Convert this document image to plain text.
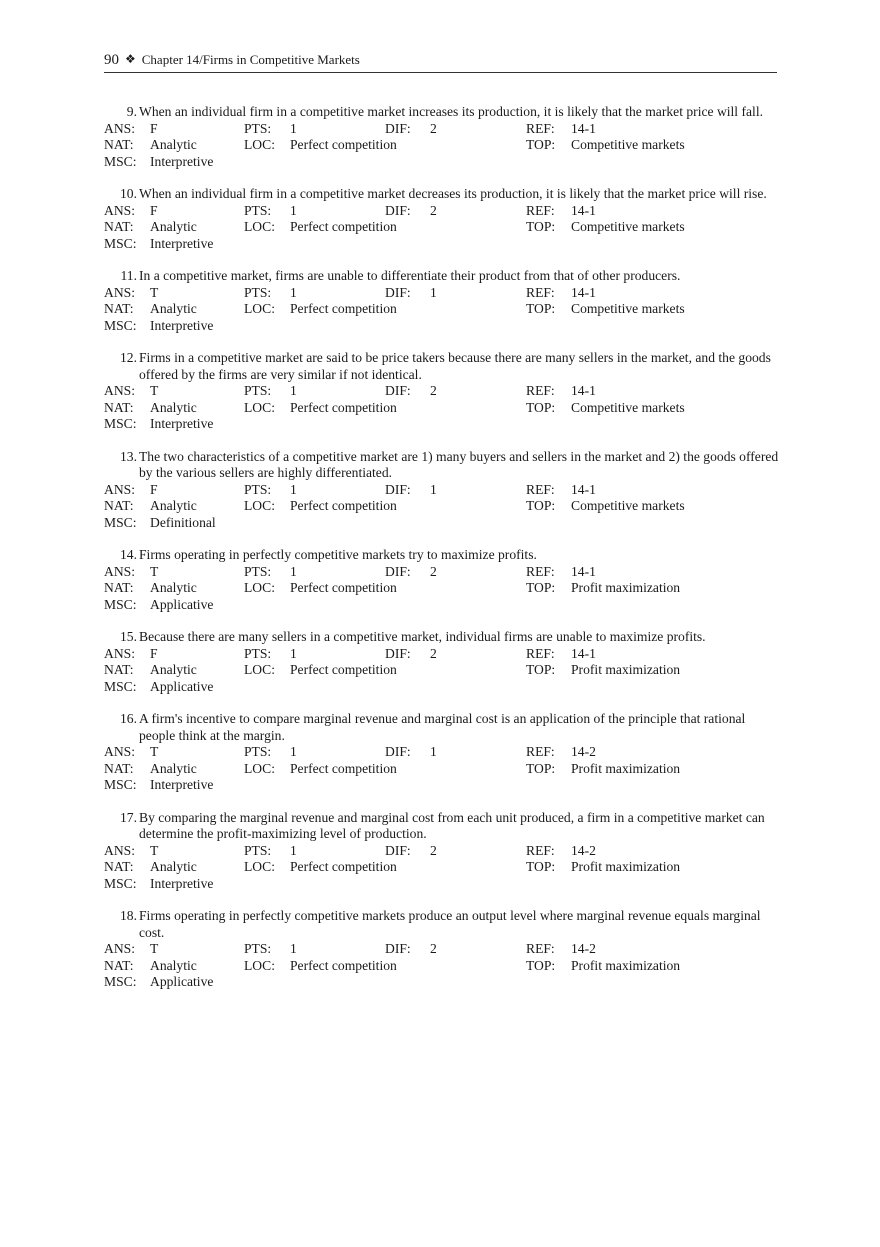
90 ❖ Chapter 14/Firms in Competitive Markets
9. When an individual firm in a competitive market increases its production, it is likely that the market price will fall.
ANS: F	PTS: 1	DIF: 2	REF: 14-1
NAT: Analytic	LOC: Perfect competition	TOP: Competitive markets
MSC: Interpretive
10. When an individual firm in a competitive market decreases its production, it is likely that the market price will rise.
ANS: F	PTS: 1	DIF: 2	REF: 14-1
NAT: Analytic	LOC: Perfect competition	TOP: Competitive markets
MSC: Interpretive
11. In a competitive market, firms are unable to differentiate their product from that of other producers.
ANS: T	PTS: 1	DIF: 1	REF: 14-1
NAT: Analytic	LOC: Perfect competition	TOP: Competitive markets
MSC: Interpretive
12. Firms in a competitive market are said to be price takers because there are many sellers in the market, and the goods offered by the firms are very similar if not identical.
ANS: T	PTS: 1	DIF: 2	REF: 14-1
NAT: Analytic	LOC: Perfect competition	TOP: Competitive markets
MSC: Interpretive
13. The two characteristics of a competitive market are 1) many buyers and sellers in the market and 2) the goods offered by the various sellers are highly differentiated.
ANS: F	PTS: 1	DIF: 1	REF: 14-1
NAT: Analytic	LOC: Perfect competition	TOP: Competitive markets
MSC: Definitional
14. Firms operating in perfectly competitive markets try to maximize profits.
ANS: T	PTS: 1	DIF: 2	REF: 14-1
NAT: Analytic	LOC: Perfect competition	TOP: Profit maximization
MSC: Applicative
15. Because there are many sellers in a competitive market, individual firms are unable to maximize profits.
ANS: F	PTS: 1	DIF: 2	REF: 14-1
NAT: Analytic	LOC: Perfect competition	TOP: Profit maximization
MSC: Applicative
16. A firm's incentive to compare marginal revenue and marginal cost is an application of the principle that rational people think at the margin.
ANS: T	PTS: 1	DIF: 1	REF: 14-2
NAT: Analytic	LOC: Perfect competition	TOP: Profit maximization
MSC: Interpretive
17. By comparing the marginal revenue and marginal cost from each unit produced, a firm in a competitive market can determine the profit-maximizing level of production.
ANS: T	PTS: 1	DIF: 2	REF: 14-2
NAT: Analytic	LOC: Perfect competition	TOP: Profit maximization
MSC: Interpretive
18. Firms operating in perfectly competitive markets produce an output level where marginal revenue equals marginal cost.
ANS: T	PTS: 1	DIF: 2	REF: 14-2
NAT: Analytic	LOC: Perfect competition	TOP: Profit maximization
MSC: Applicative
